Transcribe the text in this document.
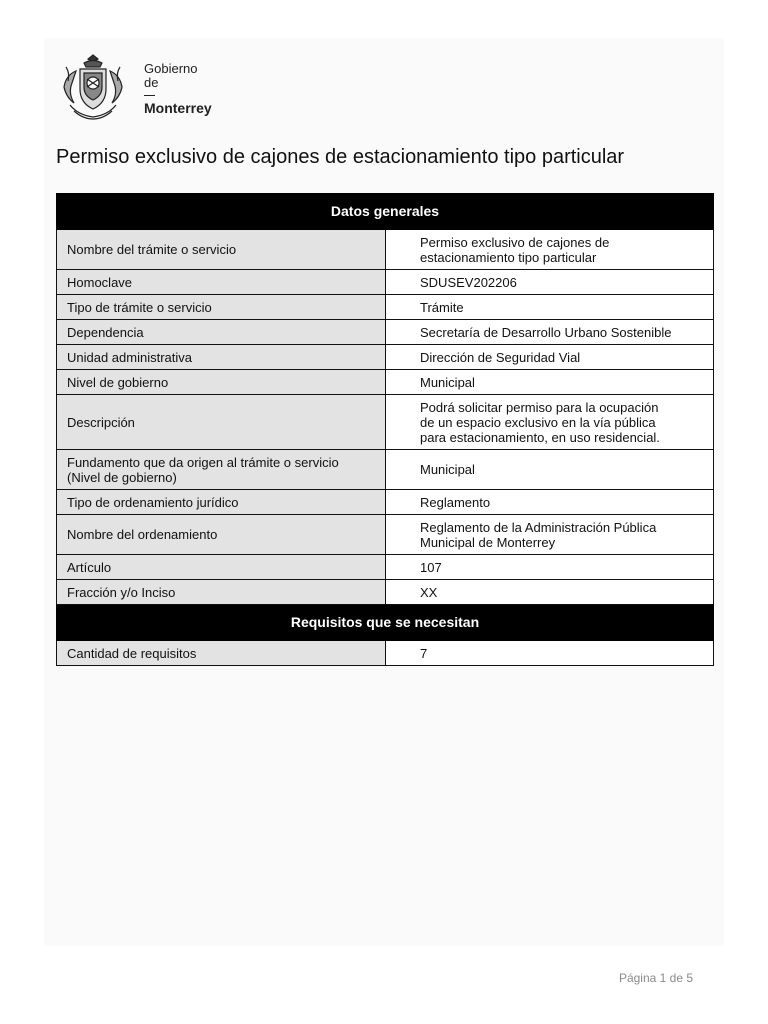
Gobierno
de
Monterrey
Permiso exclusivo de cajones de estacionamiento tipo particular
Datos generales	
Nombre del trámite o servicio	Permiso exclusivo de cajones de
estacionamiento tipo particular
Homoclave	SDUSEV202206
Tipo de trámite o servicio	Trámite
Dependencia	Secretaría de Desarrollo Urbano Sostenible
Unidad administrativa	Dirección de Seguridad Vial
Nivel de gobierno	Municipal
Descripción	Podrá solicitar permiso para la ocupación
de un espacio exclusivo en la vía pública
para estacionamiento, en uso residencial.
Fundamento que da origen al trámite o servicio
(Nivel de gobierno)	Municipal
Tipo de ordenamiento jurídico	Reglamento
Nombre del ordenamiento	Reglamento de la Administración Pública
Municipal de Monterrey
Artículo	107
Fracción y/o Inciso	XX
Requisitos que se necesitan	
Cantidad de requisitos	7
Página 1 de 5
